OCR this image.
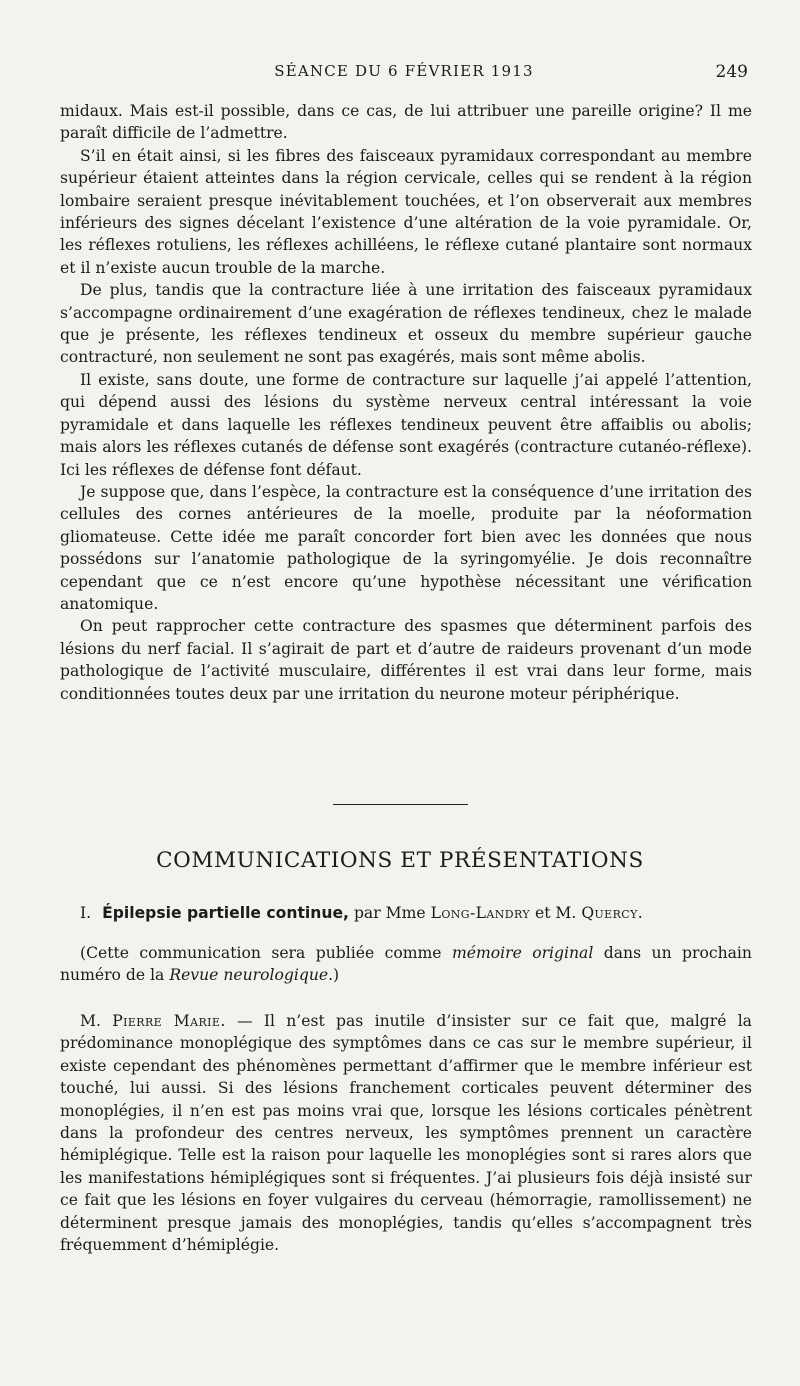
SÉANCE DU 6 FÉVRIER 1913	249

midaux. Mais est-il possible, dans ce cas, de lui attribuer une pareille origine? Il me paraît difficile de l’admettre.

S’il en était ainsi, si les fibres des faisceaux pyramidaux correspondant au membre supérieur étaient atteintes dans la région cervicale, celles qui se rendent à la région lombaire seraient presque inévitablement touchées, et l’on observerait aux membres inférieurs des signes décelant l’existence d’une altération de la voie pyramidale. Or, les réflexes rotuliens, les réflexes achilléens, le réflexe cutané plantaire sont normaux et il n’existe aucun trouble de la marche.

De plus, tandis que la contracture liée à une irritation des faisceaux pyramidaux s’accompagne ordinairement d’une exagération de réflexes tendineux, chez le malade que je présente, les réflexes tendineux et osseux du membre supérieur gauche contracturé, non seulement ne sont pas exagérés, mais sont même abolis.

Il existe, sans doute, une forme de contracture sur laquelle j’ai appelé l’attention, qui dépend aussi des lésions du système nerveux central intéressant la voie pyramidale et dans laquelle les réflexes tendineux peuvent être affaiblis ou abolis; mais alors les réflexes cutanés de défense sont exagérés (contracture cutanéo-réflexe). Ici les réflexes de défense font défaut.

Je suppose que, dans l’espèce, la contracture est la conséquence d’une irritation des cellules des cornes antérieures de la moelle, produite par la néoformation gliomateuse. Cette idée me paraît concorder fort bien avec les données que nous possédons sur l’anatomie pathologique de la syringomyélie. Je dois reconnaître cependant que ce n’est encore qu’une hypothèse nécessitant une vérification anatomique.

On peut rapprocher cette contracture des spasmes que déterminent parfois des lésions du nerf facial. Il s’agirait de part et d’autre de raideurs provenant d’un mode pathologique de l’activité musculaire, différentes il est vrai dans leur forme, mais conditionnées toutes deux par une irritation du neurone moteur périphérique.

COMMUNICATIONS ET PRÉSENTATIONS

I. Épilepsie partielle continue, par Mme Long-Landry et M. Quercy.

(Cette communication sera publiée comme mémoire original dans un prochain numéro de la Revue neurologique.)

M. Pierre Marie. — Il n’est pas inutile d’insister sur ce fait que, malgré la prédominance monoplégique des symptômes dans ce cas sur le membre supérieur, il existe cependant des phénomènes permettant d’affirmer que le membre inférieur est touché, lui aussi. Si des lésions franchement corticales peuvent déterminer des monoplégies, il n’en est pas moins vrai que, lorsque les lésions corticales pénètrent dans la profondeur des centres nerveux, les symptômes prennent un caractère hémiplégique. Telle est la raison pour laquelle les monoplégies sont si rares alors que les manifestations hémiplégiques sont si fréquentes. J’ai plusieurs fois déjà insisté sur ce fait que les lésions en foyer vulgaires du cerveau (hémorragie, ramollissement) ne déterminent presque jamais des monoplégies, tandis qu’elles s’accompagnent très fréquemment d’hémiplégie.
